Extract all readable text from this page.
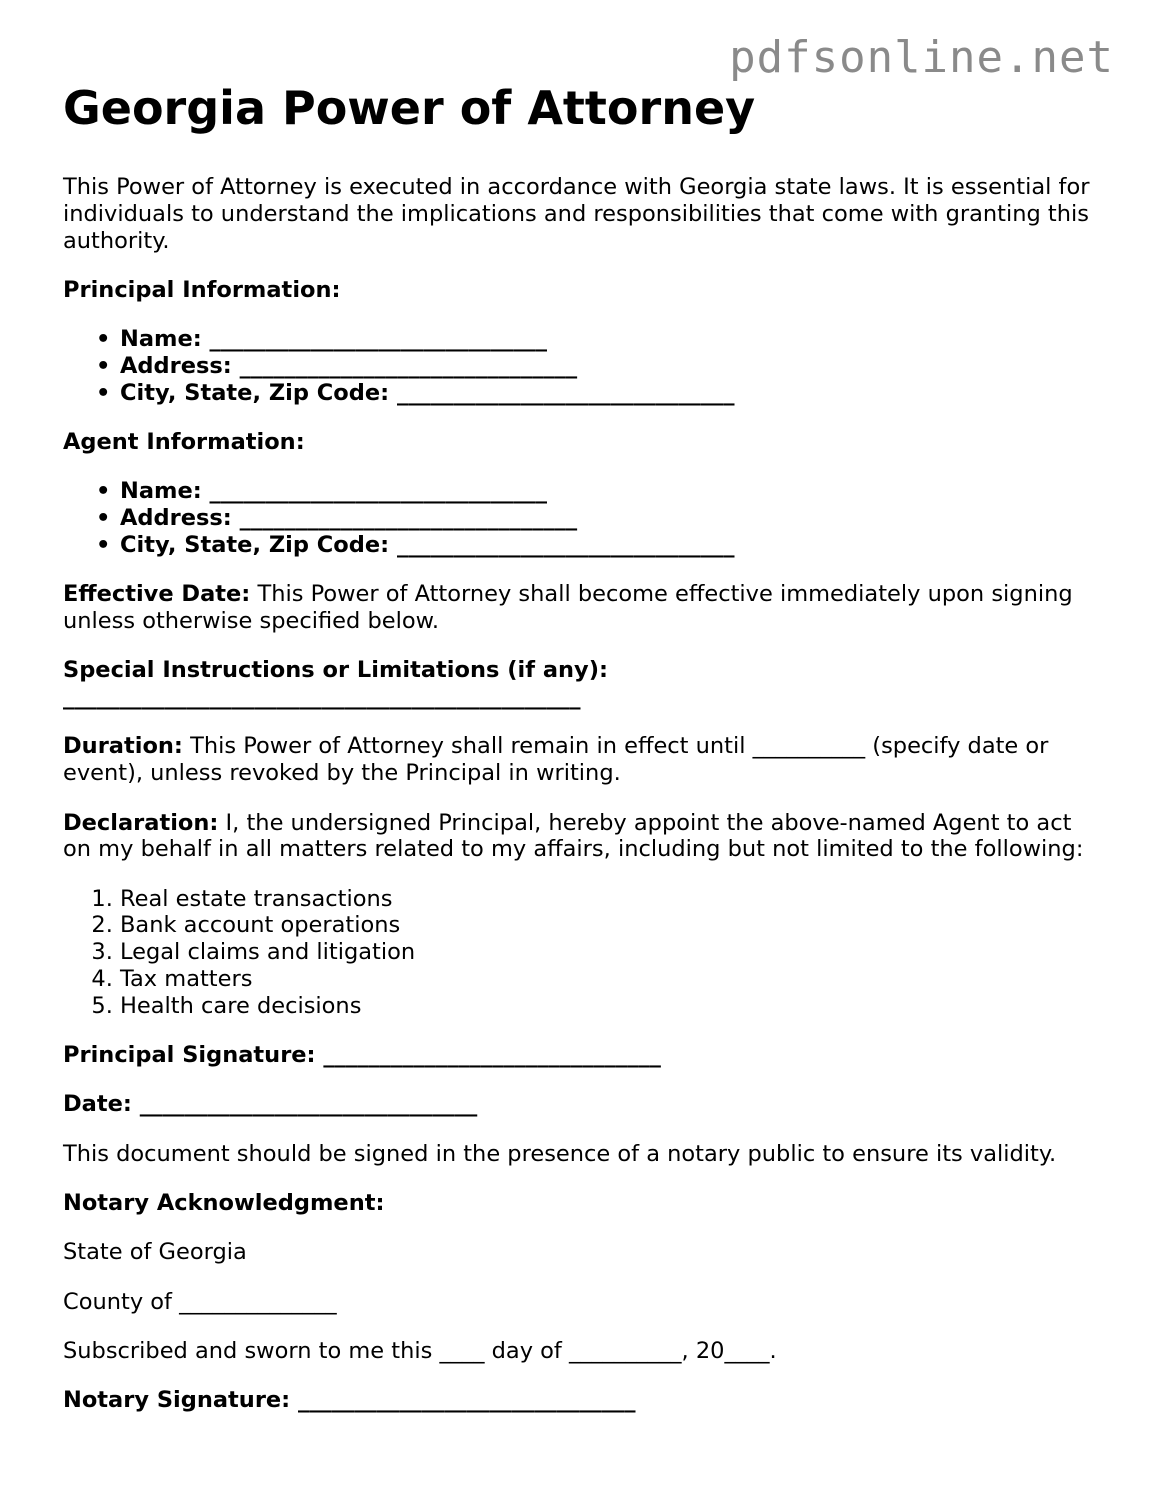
pdfsonline.net
Georgia Power of Attorney

This Power of Attorney is executed in accordance with Georgia state laws. It is essential for individuals to understand the implications and responsibilities that come with granting this authority.

Principal Information:

• Name: ______________________________
• Address: ______________________________
• City, State, Zip Code: ______________________________

Agent Information:

• Name: ______________________________
• Address: ______________________________
• City, State, Zip Code: ______________________________

Effective Date: This Power of Attorney shall become effective immediately upon signing unless otherwise specified below.

Special Instructions or Limitations (if any):
______________________________________________

Duration: This Power of Attorney shall remain in effect until __________ (specify date or event), unless revoked by the Principal in writing.

Declaration: I, the undersigned Principal, hereby appoint the above-named Agent to act on my behalf in all matters related to my affairs, including but not limited to the following:

1. Real estate transactions
2. Bank account operations
3. Legal claims and litigation
4. Tax matters
5. Health care decisions

Principal Signature: ______________________________

Date: ______________________________

This document should be signed in the presence of a notary public to ensure its validity.

Notary Acknowledgment:

State of Georgia

County of ______________

Subscribed and sworn to me this ____ day of __________, 20____.

Notary Signature: ______________________________
